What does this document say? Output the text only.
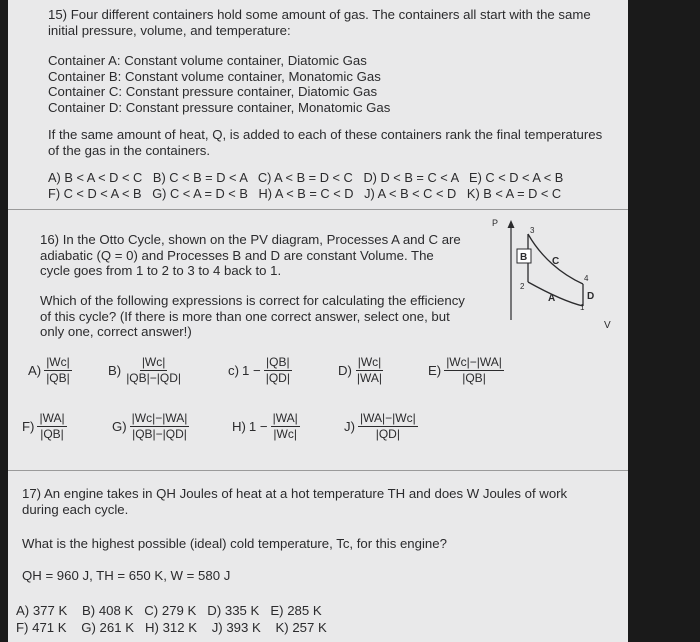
15) Four different containers hold some amount of gas. The containers all start with the same
initial pressure, volume, and temperature:
Container A: Constant volume container, Diatomic Gas
Container B: Constant volume container, Monatomic Gas
Container C: Constant pressure container, Diatomic Gas
Container D: Constant pressure container, Monatomic Gas
If the same amount of heat, Q, is added to each of these containers rank the final temperatures
of the gas in the containers.
A) B < A < D < C   B) C < B = D < A   C) A < B = D < C   D) D < B = C < A   E) C < D < A < B
F) C < D < A < B   G) C < A = D < B   H) A < B = C < D   J) A < B < C < D   K) B < A = D < C
16) In the Otto Cycle, shown on the PV diagram, Processes A and C are
adiabatic (Q = 0) and Processes B and D are constant Volume. The
cycle goes from 1 to 2 to 3 to 4 back to 1.
Which of the following expressions is correct for calculating the efficiency
of this cycle? (If there is more than one correct answer, select one, but
only one, correct answer!)
P
V
B C
D
A
1
2
3
4
$A) \frac{|Wc|}{|QB|}$	$B) \frac{|Wc|}{|QB|-|QD|}$	c) $1 - \frac{|QB|}{|QD|}$	$D) \frac{|Wc|}{|WA|}$	$E) \frac{|Wc|-|WA|}{|QB|}$
$F) \frac{|WA|}{|QB|}$	$G) \frac{|Wc|-|WA|}{|QB|-|QD|}$	H) $1 - \frac{|WA|}{|Wc|}$	$J) \frac{|WA|-|Wc|}{|QD|}$
17) An engine takes in QH Joules of heat at a hot temperature TH and does W Joules of work
during each cycle.
What is the highest possible (ideal) cold temperature, Tc, for this engine?
QH = 960 J, TH = 650 K, W = 580 J
A) 377 K    B) 408 K   C) 279 K   D) 335 K   E) 285 K
F) 471 K    G) 261 K   H) 312 K    J) 393 K    K) 257 K
